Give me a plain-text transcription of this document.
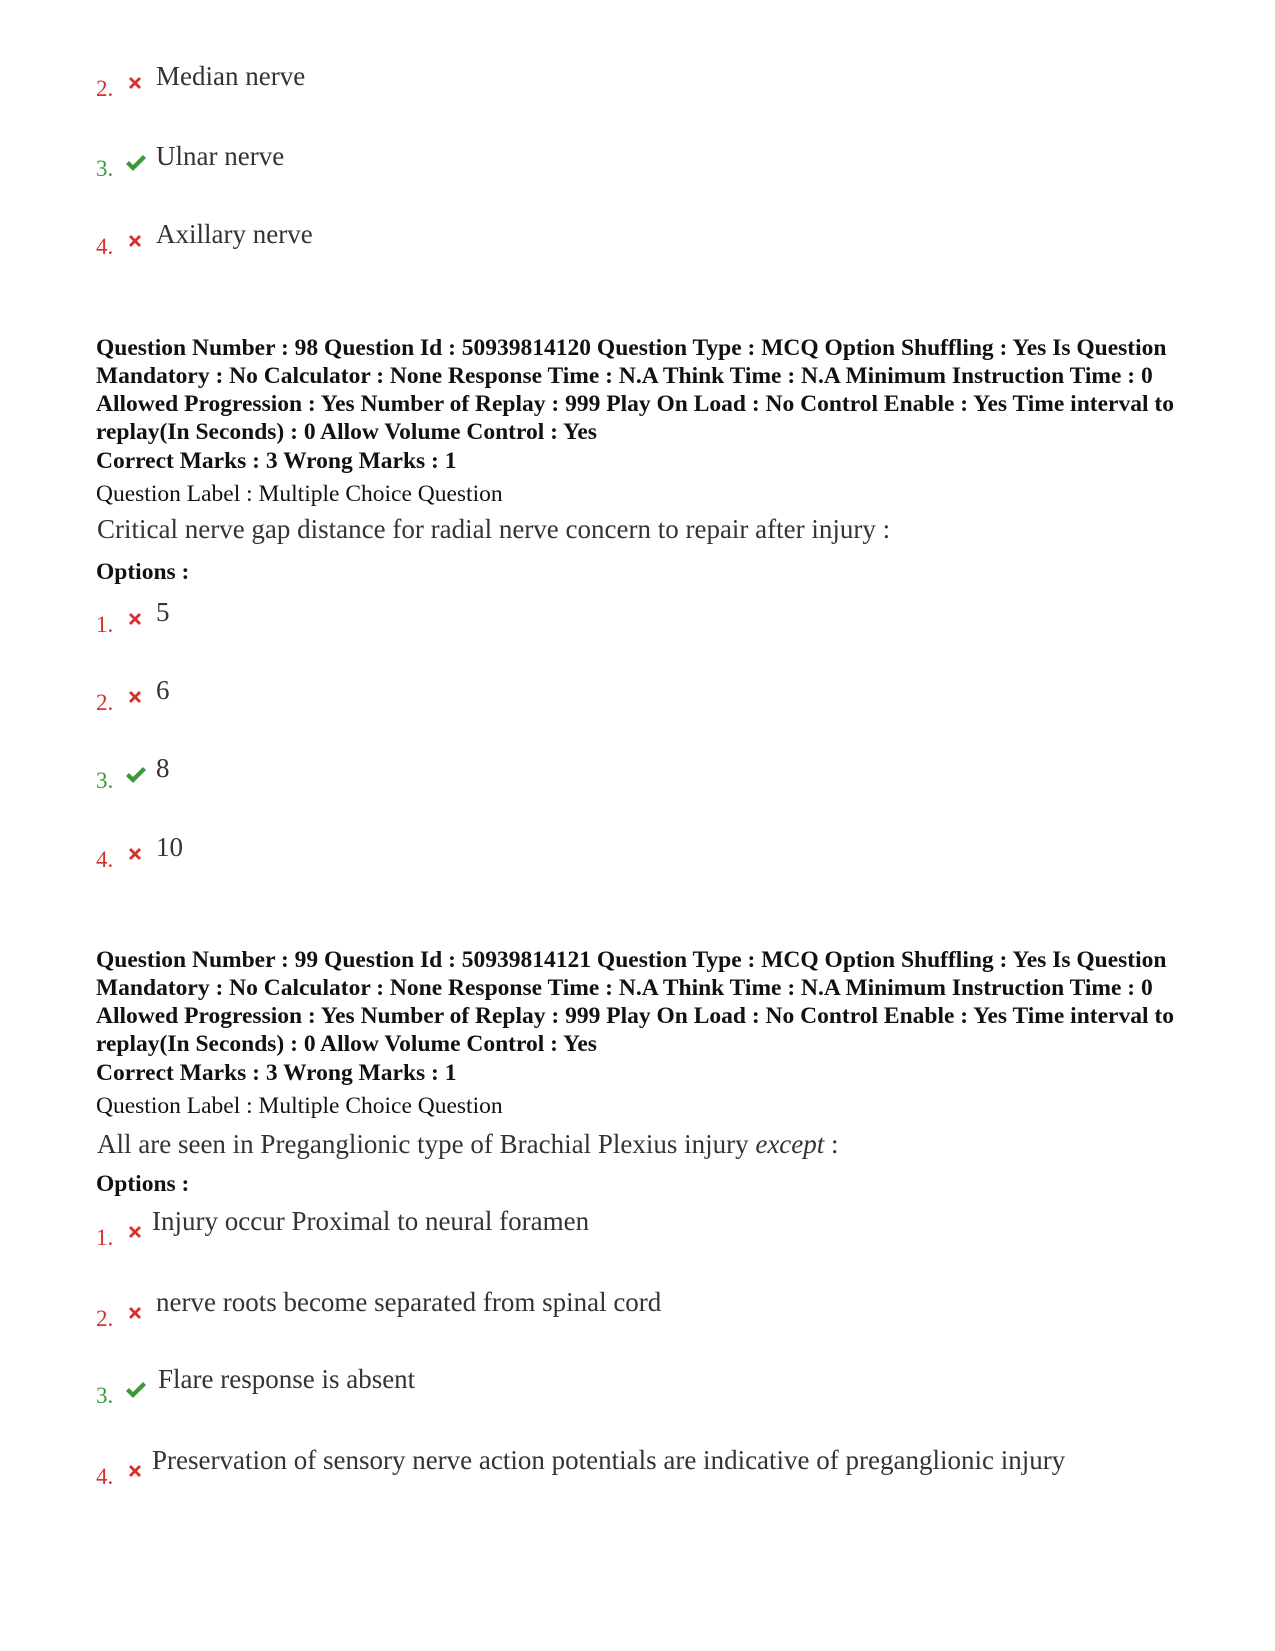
2. Median nerve
3. Ulnar nerve
4. Axillary nerve
Question Number : 98 Question Id : 50939814120 Question Type : MCQ Option Shuffling : Yes Is Question Mandatory : No Calculator : None Response Time : N.A Think Time : N.A Minimum Instruction Time : 0 Allowed Progression : Yes Number of Replay : 999 Play On Load : No Control Enable : Yes Time interval to replay(In Seconds) : 0 Allow Volume Control : Yes
Correct Marks : 3 Wrong Marks : 1
Question Label : Multiple Choice Question
Critical nerve gap distance for radial nerve concern to repair after injury :
Options :
1. 5
2. 6
3. 8
4. 10
Question Number : 99 Question Id : 50939814121 Question Type : MCQ Option Shuffling : Yes Is Question Mandatory : No Calculator : None Response Time : N.A Think Time : N.A Minimum Instruction Time : 0 Allowed Progression : Yes Number of Replay : 999 Play On Load : No Control Enable : Yes Time interval to replay(In Seconds) : 0 Allow Volume Control : Yes
Correct Marks : 3 Wrong Marks : 1
Question Label : Multiple Choice Question
All are seen in Preganglionic type of Brachial Plexius injury except :
Options :
1.
Injury occur Proximal to neural foramen
2.
nerve roots become separated from spinal cord
3.
Flare response is absent
4.
Preservation of sensory nerve action potentials are indicative of preganglionic injury
